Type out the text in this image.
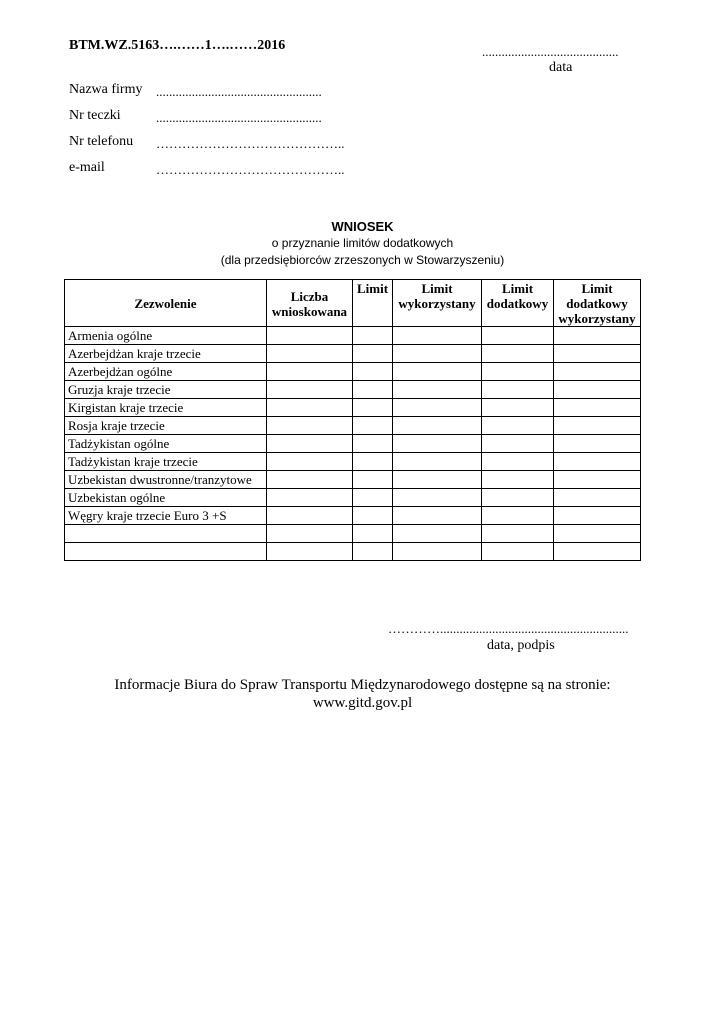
BTM.WZ.5163….……1….……2016	..........................................
data
Nazwa firmy ...................................................
Nr teczki	...................................................
Nr telefonu ……………………………………..
e-mail	……………………………………..
WNIOSEK
o przyznanie limitów dodatkowych
(dla przedsiębiorców zrzeszonych w Stowarzyszeniu)
Zezwolenie	Liczba wnioskowana	Limit	Limit wykorzystany	Limit dodatkowy	Limit dodatkowy wykorzystany
Armenia ogólne					
Azerbejdżan kraje trzecie					
Azerbejdżan ogólne					
Gruzja kraje trzecie					
Kirgistan kraje trzecie					
Rosja kraje trzecie					
Tadżykistan ogólne					
Tadżykistan kraje trzecie					
Uzbekistan dwustronne/tranzytowe					
Uzbekistan ogólne					
Węgry kraje trzecie Euro 3 +S					

…………..........................................................
data, podpis
Informacje Biura do Spraw Transportu Międzynarodowego dostępne są na stronie:
www.gitd.gov.pl
